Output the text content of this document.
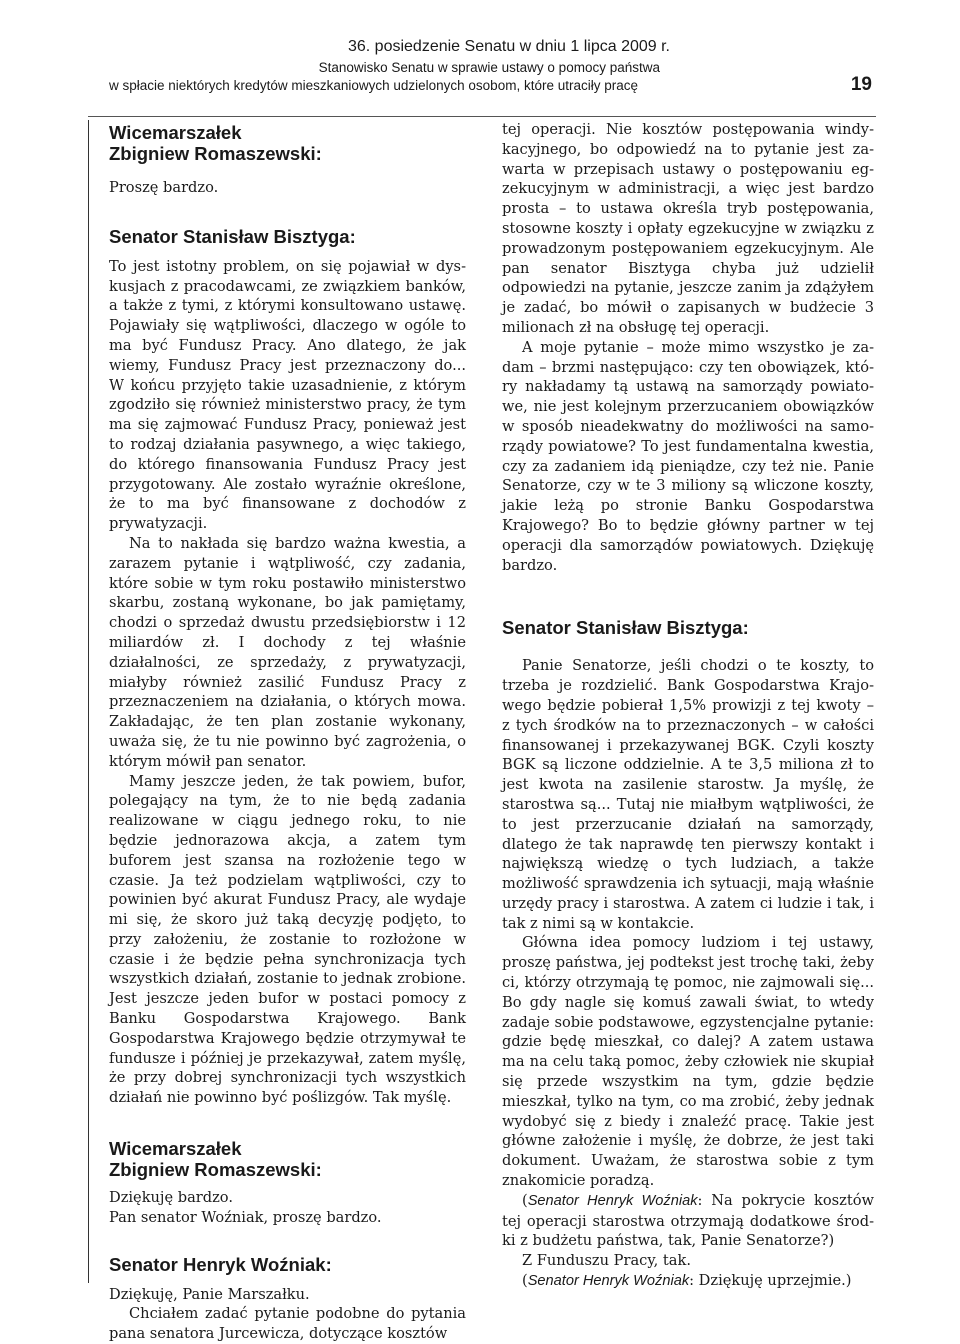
36. posiedzenie Senatu w dniu 1 lipca 2009 r.
Stanowisko Senatu w sprawie ustawy o pomocy państwa
w spłacie niektórych kredytów mieszkaniowych udzielonych osobom, które utraciły pracę	19
Wicemarszałek
Zbigniew Romaszewski:

Proszę bardzo.

Senator Stanisław Bisztyga:

To jest istotny problem, on się pojawiał w dyskusjach z pracodawcami, ze związkiem banków, a także z tymi, z którymi konsultowano ustawę. Pojawiały się wątpliwości, dlaczego w ogóle to ma być Fundusz Pracy. Ano dlatego, że jak wiemy, Fundusz Pracy jest przeznaczony do... W końcu przyjęto takie uzasadnienie, z którym zgodziło się również ministerstwo pracy, że tym ma się zajmować Fundusz Pracy, ponieważ jest to rodzaj działania pasywnego, a więc takiego, do którego finansowania Fundusz Pracy jest przygotowany. Ale zostało wyraźnie określone, że to ma być finansowane z dochodów z prywatyzacji.

Na to nakłada się bardzo ważna kwestia, a zarazem pytanie i wątpliwość, czy zadania, które sobie w tym roku postawiło ministerstwo skarbu, zostaną wykonane, bo jak pamiętamy, chodzi o sprzedaż dwustu przedsiębiorstw i 12 miliardów zł. I dochody z tej właśnie działalności, ze sprzedaży, z prywatyzacji, miałyby również zasilić Fundusz Pracy z przeznaczeniem na działania, o których mowa. Zakładając, że ten plan zostanie wykonany, uważa się, że tu nie powinno być zagrożenia, o którym mówił pan senator.

Mamy jeszcze jeden, że tak powiem, bufor, polegający na tym, że to nie będą zadania realizowane w ciągu jednego roku, to nie będzie jednorazowa akcja, a zatem tym buforem jest szansa na rozłożenie tego w czasie. Ja też podzielam wątpliwości, czy to powinien być akurat Fundusz Pracy, ale wydaje mi się, że skoro już taką decyzję podjęto, to przy założeniu, że zostanie to rozłożone w czasie i że będzie pełna synchronizacja tych wszystkich działań, zostanie to jednak zrobione. Jest jeszcze jeden bufor w postaci pomocy z Banku Gospodarstwa Krajowego. Bank Gospodarstwa Krajowego będzie otrzymywał te fundusze i później je przekazywał, zatem myślę, że przy dobrej synchronizacji tych wszystkich działań nie powinno być poślizgów. Tak myślę.

Wicemarszałek
Zbigniew Romaszewski:

Dziękuję bardzo.

Pan senator Woźniak, proszę bardzo.

Senator Henryk Woźniak:

Dziękuję, Panie Marszałku.

Chciałem zadać pytanie podobne do pytania pana senatora Jurcewicza, dotyczące kosztów

tej operacji. Nie kosztów postępowania windykacyjnego, bo odpowiedź na to pytanie jest zawarta w przepisach ustawy o postępowaniu egzekucyjnym w administracji, a więc jest bardzo prosta – to ustawa określa tryb postępowania, stosowne koszty i opłaty egzekucyjne w związku z prowadzonym postępowaniem egzekucyjnym. Ale pan senator Bisztyga chyba już udzielił odpowiedzi na pytanie, jeszcze zanim ja zdążyłem je zadać, bo mówił o zapisanych w budżecie 3 milionach zł na obsługę tej operacji.

A moje pytanie – może mimo wszystko je zadam – brzmi następująco: czy ten obowiązek, który nakładamy tą ustawą na samorządy powiatowe, nie jest kolejnym przerzucaniem obowiązków w sposób nieadekwatny do możliwości na samorządy powiatowe? To jest fundamentalna kwestia, czy za zadaniem idą pieniądze, czy też nie. Panie Senatorze, czy w te 3 miliony są wliczone koszty, jakie leżą po stronie Banku Gospodarstwa Krajowego? Bo to będzie główny partner w tej operacji dla samorządów powiatowych. Dziękuję bardzo.

Senator Stanisław Bisztyga:

Panie Senatorze, jeśli chodzi o te koszty, to trzeba je rozdzielić. Bank Gospodarstwa Krajowego będzie pobierał 1,5% prowizji z tej kwoty – z tych środków na to przeznaczonych – w całości finansowanej i przekazywanej BGK. Czyli koszty BGK są liczone oddzielnie. A te 3,5 miliona zł to jest kwota na zasilenie starostw. Ja myślę, że starostwa są... Tutaj nie miałbym wątpliwości, że to jest przerzucanie działań na samorządy, dlatego że tak naprawdę ten pierwszy kontakt i największą wiedzę o tych ludziach, a także możliwość sprawdzenia ich sytuacji, mają właśnie urzędy pracy i starostwa. A zatem ci ludzie i tak, i tak z nimi są w kontakcie.

Główna idea pomocy ludziom i tej ustawy, proszę państwa, jej podtekst jest trochę taki, żeby ci, którzy otrzymają tę pomoc, nie zajmowali się... Bo gdy nagle się komuś zawali świat, to wtedy zadaje sobie podstawowe, egzystencjalne pytanie: gdzie będę mieszkał, co dalej? A zatem ustawa ma na celu taką pomoc, żeby człowiek nie skupiał się przede wszystkim na tym, gdzie będzie mieszkał, tylko na tym, co ma zrobić, żeby jednak wydobyć się z biedy i znaleźć pracę. Takie jest główne założenie i myślę, że dobrze, że jest taki dokument. Uważam, że starostwa sobie z tym znakomicie poradzą.

(Senator Henryk Woźniak: Na pokrycie kosztów tej operacji starostwa otrzymają dodatkowe środki z budżetu państwa, tak, Panie Senatorze?)

Z Funduszu Pracy, tak.

(Senator Henryk Woźniak: Dziękuję uprzejmie.)
